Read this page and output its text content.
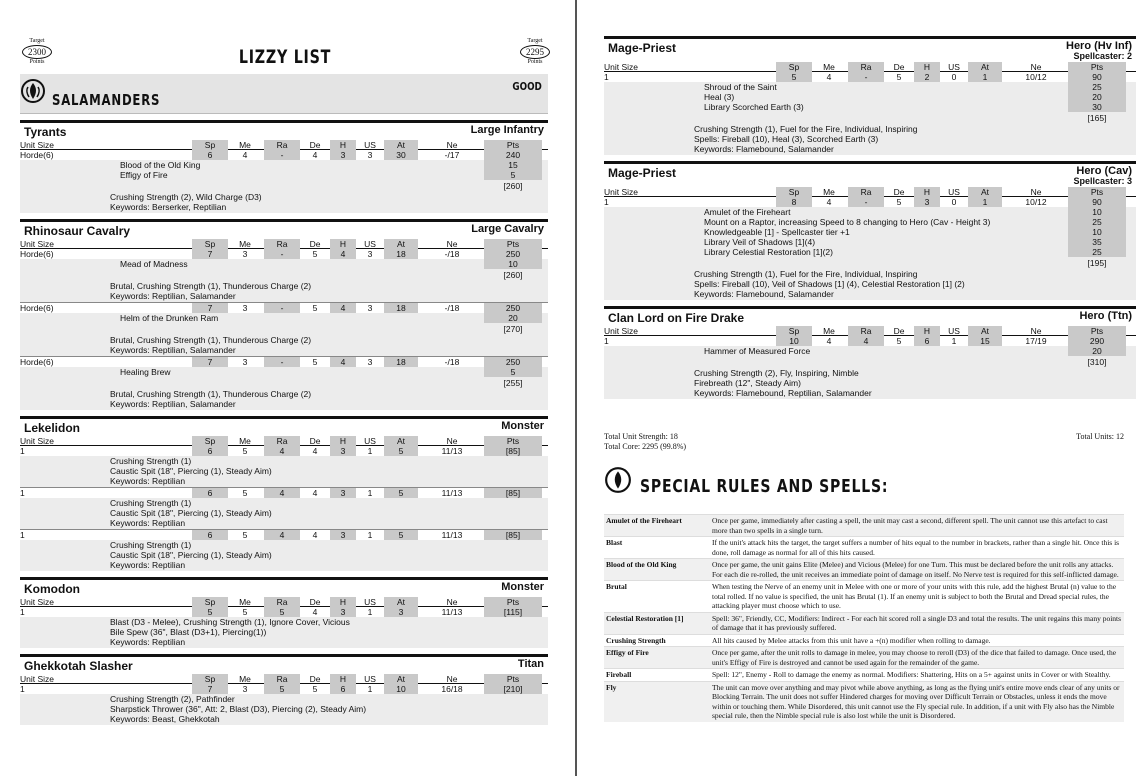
Target
2300
Points	LIZZY LIST
Target
2295
Points
SALAMANDERS
GOOD
Tyrants	Large Infantry
Unit Size	Sp	Me	Ra	De	H	US	At	Ne	Pts
Horde(6)	6	4	-	4	3	3	30	-/17	240
Blood of the Old King	15
Effigy of Fire	5
[260]
Crushing Strength (2), Wild Charge (D3)
Keywords: Berserker, Reptilian
Rhinosaur Cavalry	Large Cavalry
Unit Size	Sp	Me	Ra	De	H	US	At	Ne	Pts
Horde(6)	7	3	-	5	4	3	18	-/18	250
Mead of Madness	10
[260]
Brutal, Crushing Strength (1), Thunderous Charge (2)
Keywords: Reptilian, Salamander
Horde(6)	7	3	-	5	4	3	18	-/18	250
Helm of the Drunken Ram	20
[270]
Brutal, Crushing Strength (1), Thunderous Charge (2)
Keywords: Reptilian, Salamander
Horde(6)	7	3	-	5	4	3	18	-/18	250
Healing Brew	5
[255]
Brutal, Crushing Strength (1), Thunderous Charge (2)
Keywords: Reptilian, Salamander
Lekelidon	Monster
Unit Size	Sp	Me	Ra	De	H	US	At	Ne	Pts
1	6	5	4	4	3	1	5	11/13	[85]
Crushing Strength (1)
Caustic Spit (18", Piercing (1), Steady Aim)
Keywords: Reptilian
1	6	5	4	4	3	1	5	11/13	[85]
Crushing Strength (1)
Caustic Spit (18", Piercing (1), Steady Aim)
Keywords: Reptilian
1	6	5	4	4	3	1	5	11/13	[85]
Crushing Strength (1)
Caustic Spit (18", Piercing (1), Steady Aim)
Keywords: Reptilian
Komodon	Monster
Unit Size	Sp	Me	Ra	De	H	US	At	Ne	Pts
1	5	5	5	4	3	1	3	11/13	[115]
Blast (D3 - Melee), Crushing Strength (1), Ignore Cover, Vicious
Bile Spew (36", Blast (D3+1), Piercing(1))
Keywords: Reptilian
Ghekkotah Slasher	Titan
Unit Size	Sp	Me	Ra	De	H	US	At	Ne	Pts
1	7	3	5	5	6	1	10	16/18	[210]
Crushing Strength (2), Pathfinder
Sharpstick Thrower (36", Att: 2, Blast (D3), Piercing (2), Steady Aim)
Keywords: Beast, Ghekkotah
Mage-Priest	Hero (Hv Inf)
Spellcaster: 2
Unit Size	Sp	Me	Ra	De	H	US	At	Ne	Pts
1	5	4	-	5	2	0	1	10/12	90
Shroud of the Saint	25
Heal (3)	20
Library Scorched Earth (3)	30
[165]
Crushing Strength (1), Fuel for the Fire, Individual, Inspiring
Spells: Fireball (10), Heal (3), Scorched Earth (3)
Keywords: Flamebound, Salamander
Mage-Priest	Hero (Cav)
Spellcaster: 3
Unit Size	Sp	Me	Ra	De	H	US	At	Ne	Pts
1	8	4	-	5	3	0	1	10/12	90
Amulet of the Fireheart	10
Mount on a Raptor, increasing Speed to 8 changing to Hero (Cav - Height 3)	25
Knowledgeable [1] - Spellcaster tier +1	10
Library Veil of Shadows [1](4)	35
Library Celestial Restoration [1](2)	25
[195]
Crushing Strength (1), Fuel for the Fire, Individual, Inspiring
Spells: Fireball (10), Veil of Shadows [1] (4), Celestial Restoration [1] (2)
Keywords: Flamebound, Salamander
Clan Lord on Fire Drake	Hero (Ttn)
Unit Size	Sp	Me	Ra	De	H	US	At	Ne	Pts
1	10	4	4	5	6	1	15	17/19	290
Hammer of Measured Force	20
[310]
Crushing Strength (2), Fly, Inspiring, Nimble
Firebreath (12", Steady Aim)
Keywords: Flamebound, Reptilian, Salamander
Total Unit Strength: 18
Total Core: 2295 (99.8%)
Total Units: 12
SPECIAL RULES AND SPELLS:
Amulet of the Fireheart	Once per game, immediately after casting a spell, the unit may cast a second, different spell. The unit cannot use this artefact to cast more than two spells in a single turn.
Blast	If the unit's attack hits the target, the target suffers a number of hits equal to the number in brackets, rather than a single hit. Once this is done, roll damage as normal for all of this hits caused.
Blood of the Old King	Once per game, the unit gains Elite (Melee) and Vicious (Melee) for one Turn. This must be declared before the unit rolls any attacks. For each die re-rolled, the unit receives an immediate point of damage on itself. No Nerve test is required for this self-inflicted damage.
Brutal	When testing the Nerve of an enemy unit in Melee with one or more of your units with this rule, add the highest Brutal (n) value to the total rolled. If no value is specified, the unit has Brutal (1). If an enemy unit is subject to both the Brutal and Dread special rules, the attacking player must choose which to use.
Celestial Restoration [1]	Spell: 36", Friendly, CC, Modifiers: Indirect - For each hit scored roll a single D3 and total the results. The unit regains this many points of damage that it has previously suffered.
Crushing Strength	All hits caused by Melee attacks from this unit have a +(n) modifier when rolling to damage.
Effigy of Fire	Once per game, after the unit rolls to damage in melee, you may choose to reroll (D3) of the dice that failed to damage. Once used, the unit's Effigy of Fire is destroyed and cannot be used again for the remainder of the game.
Fireball	Spell: 12", Enemy - Roll to damage the enemy as normal. Modifiers: Shattering, Hits on a 5+ against units in Cover or with Stealthy.
Fly	The unit can move over anything and may pivot while above anything, as long as the flying unit's entire move ends clear of any units or Blocking Terrain. The unit does not suffer Hindered charges for moving over Difficult Terrain or Obstacles, unless it ends the move within or touching them. While Disordered, this unit cannot use the Fly special rule. In addition, if a unit with Fly also has the Nimble special rule, then the Nimble special rule is also lost while the unit is Disordered.
